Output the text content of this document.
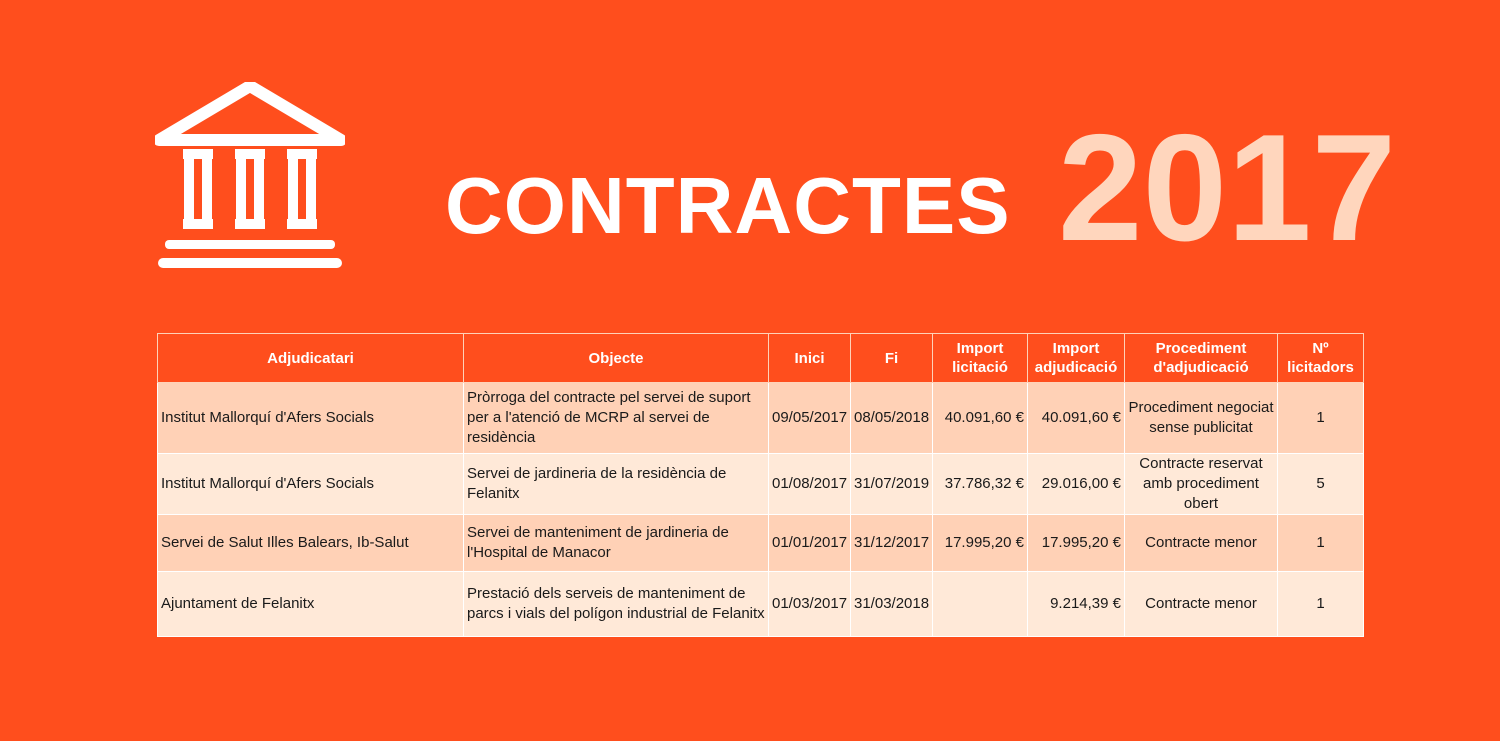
CONTRACTES 2017
Adjudicatari	Objecte	Inici	Fi	Import licitació	Import adjudicació	Procediment d'adjudicació	Nº licitadors
Institut Mallorquí d'Afers Socials	Pròrroga del contracte pel servei de suport per a l'atenció de MCRP al servei de residència	09/05/2017	08/05/2018	40.091,60 €	40.091,60 €	Procediment negociat sense publicitat	1
Institut Mallorquí d'Afers Socials	Servei de jardineria de la residència de Felanitx	01/08/2017	31/07/2019	37.786,32 €	29.016,00 €	Contracte reservat amb procediment obert	5
Servei de Salut Illes Balears, Ib-Salut	Servei de manteniment de jardineria de l'Hospital de Manacor	01/01/2017	31/12/2017	17.995,20 €	17.995,20 €	Contracte menor	1
Ajuntament de Felanitx	Prestació dels serveis de manteniment de parcs i vials del polígon industrial de Felanitx	01/03/2017	31/03/2018		9.214,39 €	Contracte menor	1
